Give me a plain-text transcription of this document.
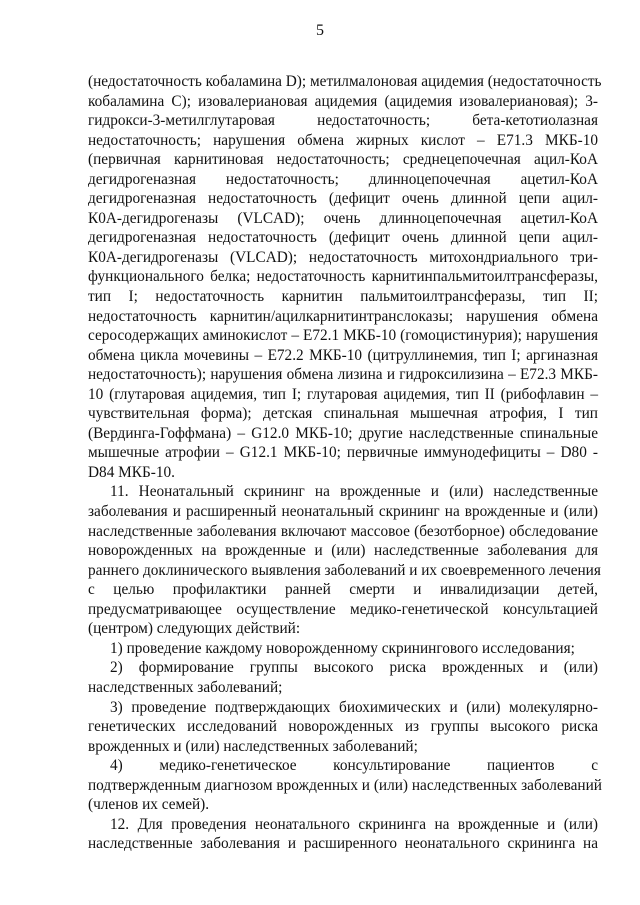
5
(недостаточность кобаламина D); метилмалоновая ацидемия (недостаточность
кобаламина C); изовалериановая ацидемия (ацидемия изовалериановая); 3-
гидрокси-3-метилглутаровая недостаточность; бета-кетотиолазная
недостаточность; нарушения обмена жирных кислот – E71.3 МКБ-10
(первичная карнитиновая недостаточность; среднецепочечная ацил-КоА
дегидрогеназная недостаточность; длинноцепочечная ацетил-КоА
дегидрогеназная недостаточность (дефицит очень длинной цепи ацил-
К0А-дегидрогеназы (VLCAD); очень длинноцепочечная ацетил-КоА
дегидрогеназная недостаточность (дефицит очень длинной цепи ацил-
К0А-дегидрогеназы (VLCAD); недостаточность митохондриального три-
функционального белка; недостаточность карнитинпальмитоилтрансферазы,
тип I; недостаточность карнитин пальмитоилтрансферазы, тип II;
недостаточность карнитин/ацилкарнитинтранслоказы; нарушения обмена
серосодержащих аминокислот – E72.1 МКБ-10 (гомоцистинурия); нарушения
обмена цикла мочевины – E72.2 МКБ-10 (цитруллинемия, тип I; аргиназная
недостаточность); нарушения обмена лизина и гидроксилизина – E72.3 МКБ-
10 (глутаровая ацидемия, тип I; глутаровая ацидемия, тип II (рибофлавин –
чувствительная форма); детская спинальная мышечная атрофия, I тип
(Вердинга-Гоффмана) – G12.0 МКБ-10; другие наследственные спинальные
мышечные атрофии – G12.1 МКБ-10; первичные иммунодефициты – D80 -
D84 МКБ-10.
11. Неонатальный скрининг на врожденные и (или) наследственные
заболевания и расширенный неонатальный скрининг на врожденные и (или)
наследственные заболевания включают массовое (безотборное) обследование
новорожденных на врожденные и (или) наследственные заболевания для
раннего доклинического выявления заболеваний и их своевременного лечения
с целью профилактики ранней смерти и инвалидизации детей,
предусматривающее осуществление медико-генетической консультацией
(центром) следующих действий:
1) проведение каждому новорожденному скринингового исследования;
2) формирование группы высокого риска врожденных и (или)
наследственных заболеваний;
3) проведение подтверждающих биохимических и (или) молекулярно-
генетических исследований новорожденных из группы высокого риска
врожденных и (или) наследственных заболеваний;
4) медико-генетическое консультирование пациентов с
подтвержденным диагнозом врожденных и (или) наследственных заболеваний
(членов их семей).
12. Для проведения неонатального скрининга на врожденные и (или)
наследственные заболевания и расширенного неонатального скрининга на
